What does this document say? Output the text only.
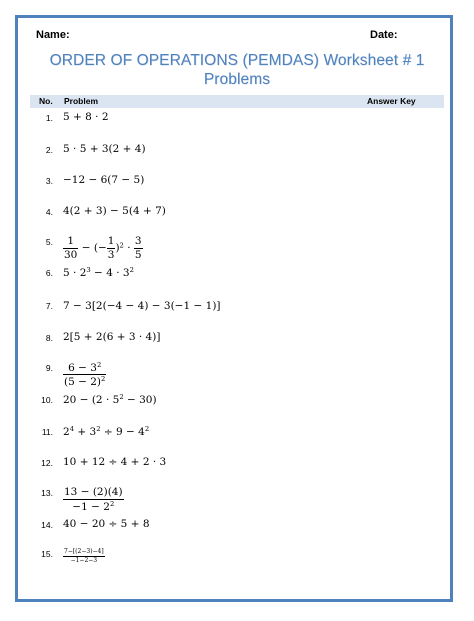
Name:	Date:
ORDER OF OPERATIONS (PEMDAS) Worksheet # 1
Problems
No. Problem	Answer Key
1. 5 + 8 · 2
2. 5 · 5 + 3(2 + 4)
3. −12 − 6(7 − 5)
4. 4(2 + 3) − 5(4 + 7)
5. $\frac{1}{30}$ − (− $\frac{1}{3} )^2 \cdot \frac{3}{5}$
6. $5 \cdot 2^3 - 4 \cdot 3^2$
7. 7 − 3[2(−4 − 4) − 3(−1 − 1)]
8. 2[5 + 2(6 + 3 · 4)]
9. $\frac{6 - 3^2}{(5 - 2)^2}$
10. $20 - (2 \cdot 5^2 - 30)$
11. $2^4 + 3^2 \div 9 - 4^2$
12. 10 + 12 ÷ 4 + 2 · 3
13. $\frac{13 - (2)(4)}{-1 - 2^2}$
14. 40 − 20 ÷ 5 + 8
15. $\frac{7-[(2-3)-4]}{-1-2-3}$
